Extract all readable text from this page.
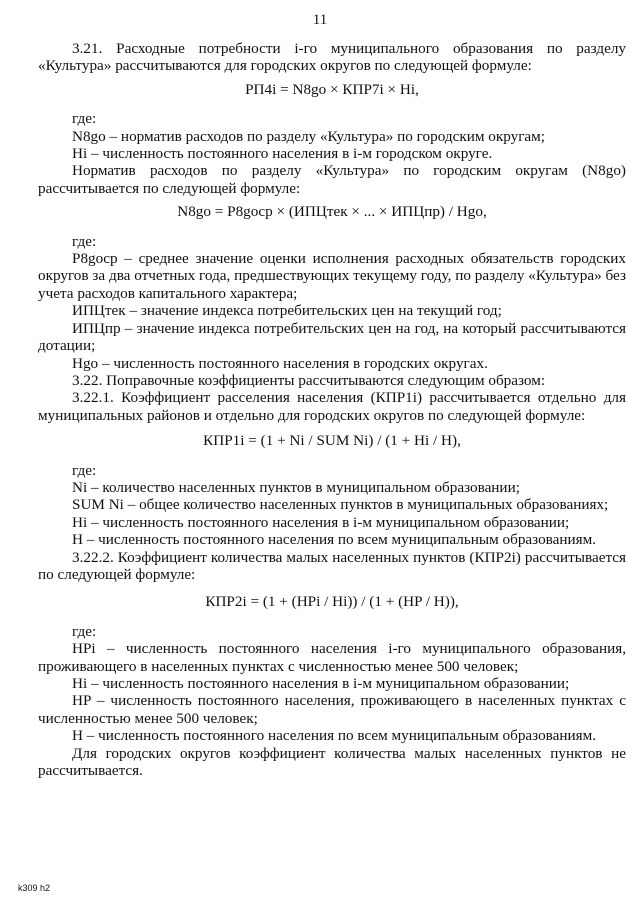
11
3.21. Расходные потребности i-го муниципального образования по разделу «Культура» рассчитываются для городских округов по следующей формуле:
РП4i = N8go × КПР7i × Hi,
где:
N8go – норматив расходов по разделу «Культура» по городским округам;
Hi – численность постоянного населения в i-м городском округе.
Норматив расходов по разделу «Культура» по городским округам (N8go) рассчитывается по следующей формуле:
N8go = P8gocp × (ИПЦтек × ... × ИПЦпр) / Hgo,
где:
P8gocp – среднее значение оценки исполнения расходных обязательств городских округов за два отчетных года, предшествующих текущему году, по разделу «Культура» без учета расходов капитального характера;
ИПЦтек – значение индекса потребительских цен на текущий год;
ИПЦпр – значение индекса потребительских цен на год, на который рассчитываются дотации;
Hgo – численность постоянного населения в городских округах.
3.22. Поправочные коэффициенты рассчитываются следующим образом:
3.22.1. Коэффициент расселения населения (КПР1i) рассчитывается отдельно для муниципальных районов и отдельно для городских округов по следующей формуле:
КПР1i = (1 + Ni / SUM Ni) / (1 + Hi / H),
где:
Ni – количество населенных пунктов в муниципальном образовании;
SUM Ni – общее количество населенных пунктов в муниципальных образованиях;
Hi – численность постоянного населения в i-м муниципальном образовании;
H – численность постоянного населения по всем муниципальным образованиям.
3.22.2. Коэффициент количества малых населенных пунктов (КПР2i) рассчитывается по следующей формуле:
КПР2i = (1 + (HPi / Hi)) / (1 + (HP / H)),
где:
HPi – численность постоянного населения i-го муниципального образования, проживающего в населенных пунктах с численностью менее 500 человек;
Hi – численность постоянного населения в i-м муниципальном образовании;
HP – численность постоянного населения, проживающего в населенных пунктах с численностью менее 500 человек;
H – численность постоянного населения по всем муниципальным образованиям.
Для городских округов коэффициент количества малых населенных пунктов не рассчитывается.
k309 h2
